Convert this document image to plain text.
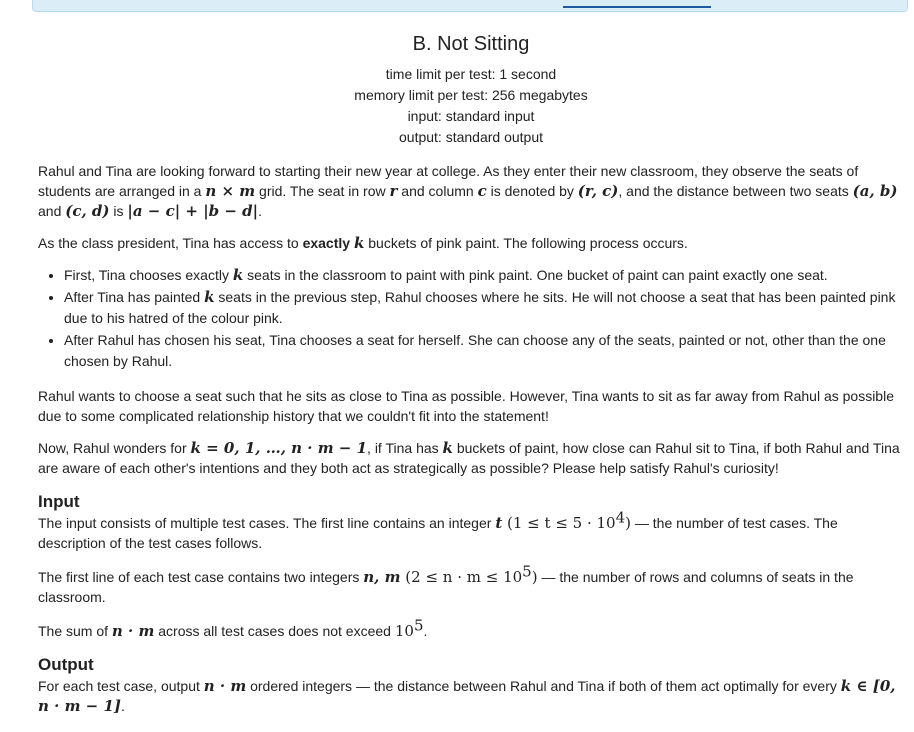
B. Not Sitting
time limit per test: 1 second
memory limit per test: 256 megabytes
input: standard input
output: standard output

Rahul and Tina are looking forward to starting their new year at college. As they enter their new classroom, they observe the seats of students are arranged in a n × m grid. The seat in row r and column c is denoted by (r, c), and the distance between two seats (a, b) and (c, d) is |a − c| + |b − d|.

As the class president, Tina has access to exactly k buckets of pink paint. The following process occurs.

• First, Tina chooses exactly k seats in the classroom to paint with pink paint. One bucket of paint can paint exactly one seat.
• After Tina has painted k seats in the previous step, Rahul chooses where he sits. He will not choose a seat that has been painted pink due to his hatred of the colour pink.
• After Rahul has chosen his seat, Tina chooses a seat for herself. She can choose any of the seats, painted or not, other than the one chosen by Rahul.

Rahul wants to choose a seat such that he sits as close to Tina as possible. However, Tina wants to sit as far away from Rahul as possible due to some complicated relationship history that we couldn't fit into the statement!

Now, Rahul wonders for k = 0, 1, …, n · m − 1, if Tina has k buckets of paint, how close can Rahul sit to Tina, if both Rahul and Tina are aware of each other's intentions and they both act as strategically as possible? Please help satisfy Rahul's curiosity!

Input

The input consists of multiple test cases. The first line contains an integer t $(1 \le t \le 5 \cdot 10^4)$ — the number of test cases. The description of the test cases follows.

The first line of each test case contains two integers n, m $(2 \le n \cdot m \le 10^5)$ — the number of rows and columns of seats in the classroom.

The sum of n · m across all test cases does not exceed $10^5$.

Output

For each test case, output n · m ordered integers — the distance between Rahul and Tina if both of them act optimally for every k ∈ [0, n · m − 1].
